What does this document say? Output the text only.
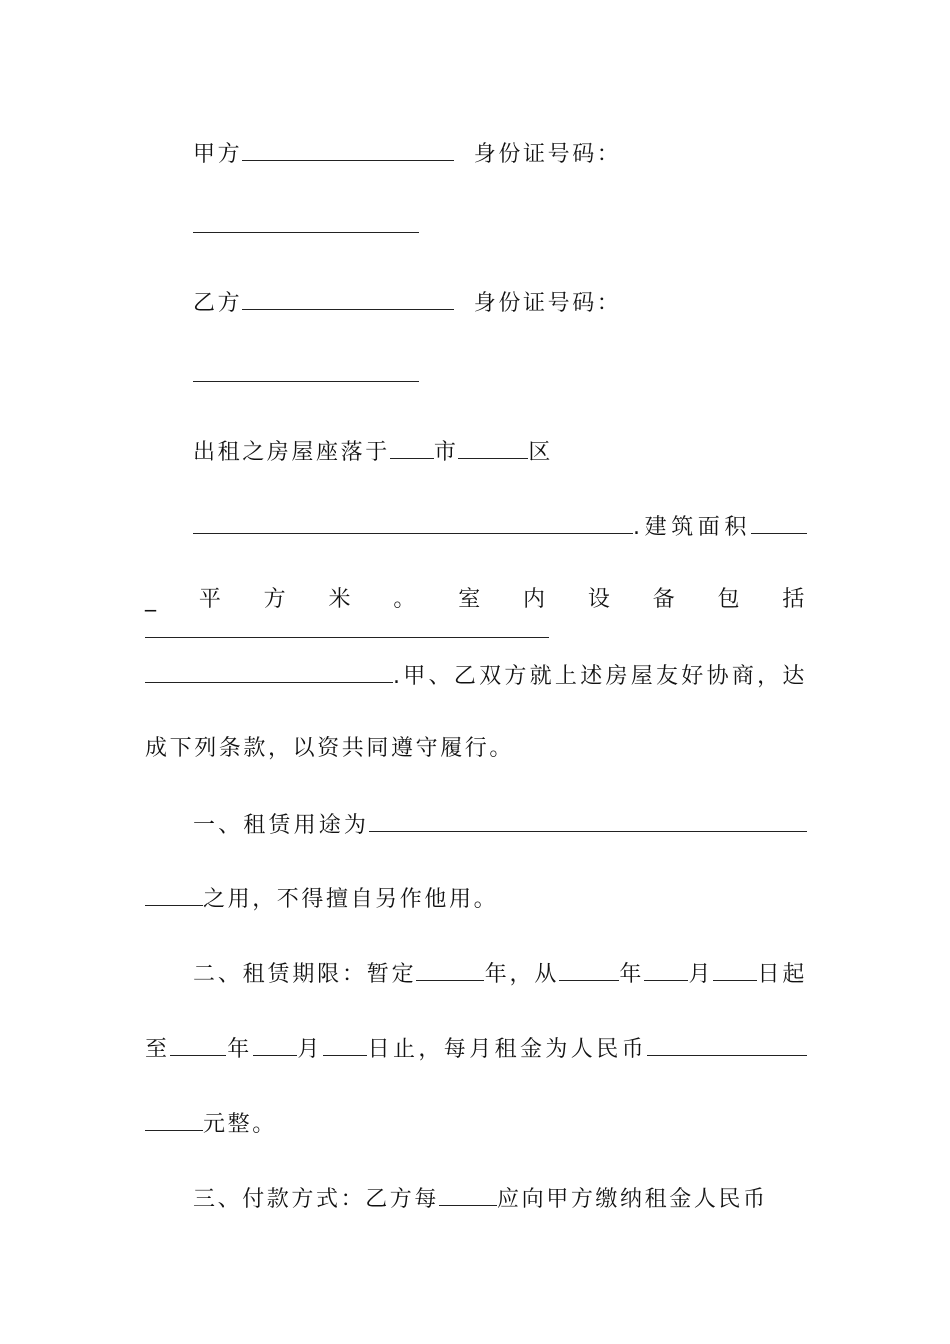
甲方	身份证号码：
乙方	身份证号码：
出租之房屋座落于 市	区
.建筑面积
_平方米。室内设备包括
.甲、乙双方就上述房屋友好协商，达
成下列条款，以资共同遵守履行。
一、租赁用途为
之用，不得擅自另作他用。
二、租赁期限：暂定	年，从	年 月 日起
至	年 月 日止，每月租金为人民币
元整。
三、付款方式：乙方每	应向甲方缴纳租金人民币
